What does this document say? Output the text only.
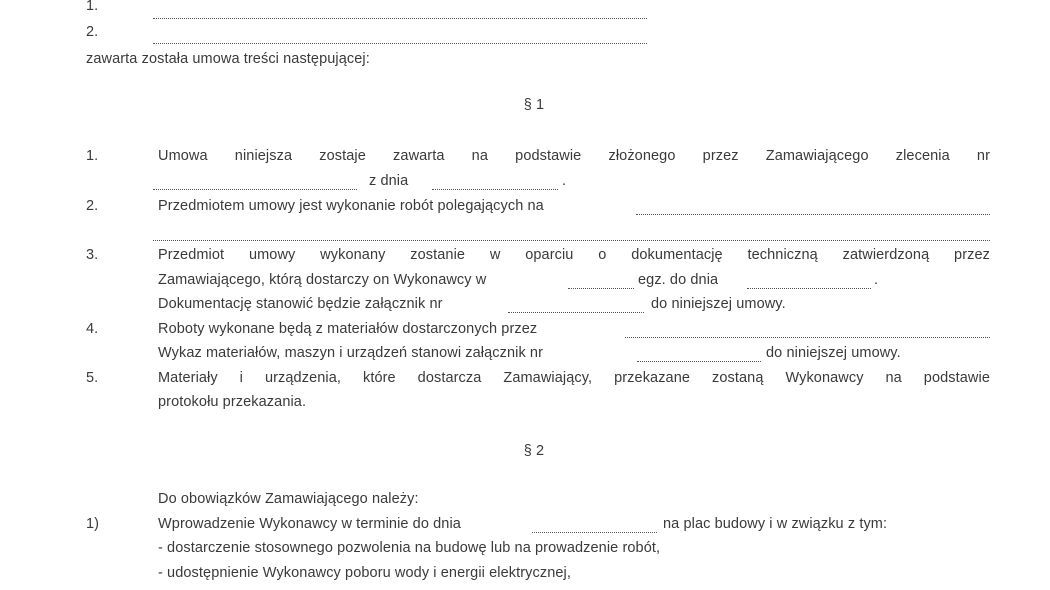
1.
2.
zawarta została umowa treści następującej:
§ 1
1.	Umowa niniejsza zostaje zawarta na podstawie złożonego przez Zamawiającego zlecenia nr
z dnia	.
2.	Przedmiotem umowy jest wykonanie robót polegających na
3.	Przedmiot umowy wykonany zostanie w oparciu o dokumentację techniczną zatwierdzoną przez
Zamawiającego, którą dostarczy on Wykonawcy w	egz. do dnia	.
Dokumentację stanowić będzie załącznik nr	do niniejszej umowy.
4.	Roboty wykonane będą z materiałów dostarczonych przez
Wykaz materiałów, maszyn i urządzeń stanowi załącznik nr	do niniejszej umowy.
5.	Materiały i urządzenia, które dostarcza Zamawiający, przekazane zostaną Wykonawcy na podstawie
protokołu przekazania.
§ 2
Do obowiązków Zamawiającego należy:
1)	Wprowadzenie Wykonawcy w terminie do dnia	na plac budowy i w związku z tym:
- dostarczenie stosownego pozwolenia na budowę lub na prowadzenie robót,
- udostępnienie Wykonawcy poboru wody i energii elektrycznej,
